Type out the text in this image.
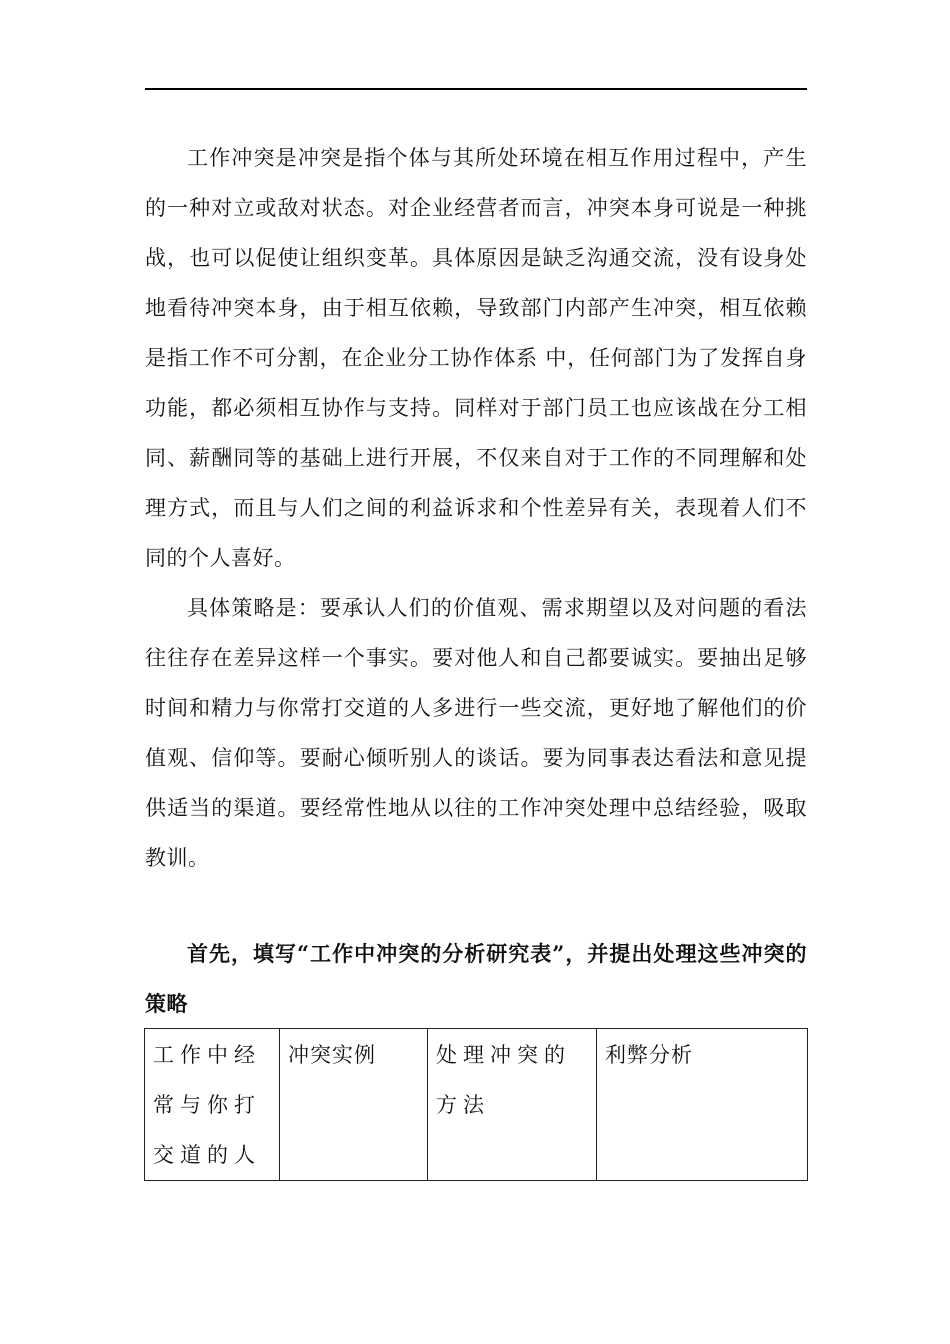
工作冲突是冲突是指个体与其所处环境在相互作用过程中，产生的一种对立或敌对状态。对企业经营者而言，冲突本身可说是一种挑战，也可以促使让组织变革。具体原因是缺乏沟通交流，没有设身处地看待冲突本身，由于相互依赖，导致部门内部产生冲突，相互依赖是指工作不可分割，在企业分工协作体系 中，任何部门为了发挥自身功能，都必须相互协作与支持。同样对于部门员工也应该战在分工相同、薪酬同等的基础上进行开展，不仅来自对于工作的不同理解和处理方式，而且与人们之间的利益诉求和个性差异有关，表现着人们不同的个人喜好。

具体策略是：要承认人们的价值观、需求期望以及对问题的看法往往存在差异这样一个事实。要对他人和自己都要诚实。要抽出足够时间和精力与你常打交道的人多进行一些交流，更好地了解他们的价值观、信仰等。要耐心倾听别人的谈话。要为同事表达看法和意见提供适当的渠道。要经常性地从以往的工作冲突处理中总结经验，吸取教训。

首先，填写“工作中冲突的分析研究表”，并提出处理这些冲突的策略

工作中经常与你打交道的人	冲突实例	处理冲突的方法	利弊分析
